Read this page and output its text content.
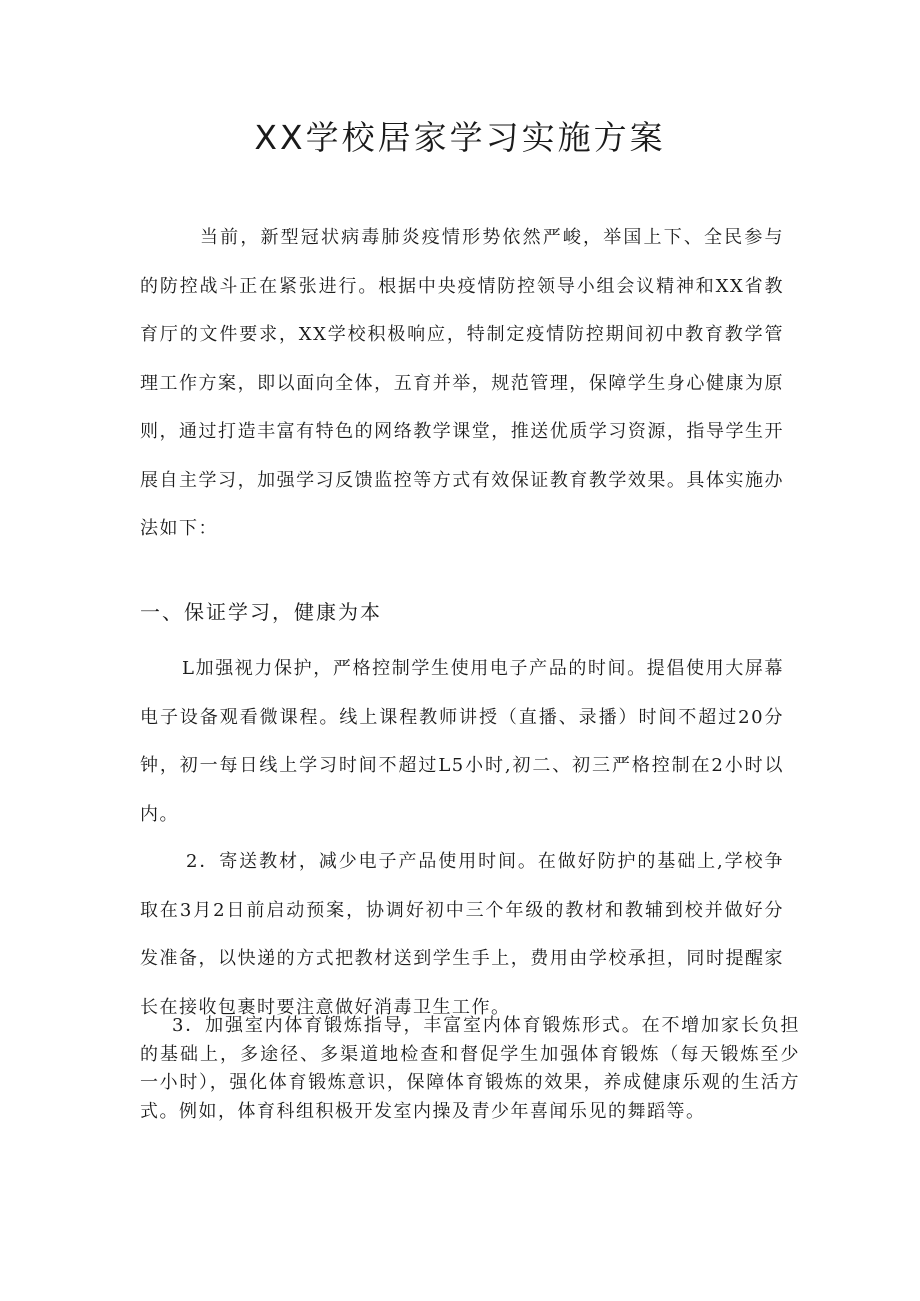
XX学校居家学习实施方案

当前，新型冠状病毒肺炎疫情形势依然严峻，举国上下、全民参与的防控战斗正在紧张进行。根据中央疫情防控领导小组会议精神和XX省教育厅的文件要求，XX学校积极响应，特制定疫情防控期间初中教育教学管理工作方案，即以面向全体，五育并举，规范管理，保障学生身心健康为原则，通过打造丰富有特色的网络教学课堂，推送优质学习资源，指导学生开展自主学习，加强学习反馈监控等方式有效保证教育教学效果。具体实施办法如下：

一、保证学习，健康为本

L加强视力保护，严格控制学生使用电子产品的时间。提倡使用大屏幕电子设备观看微课程。线上课程教师讲授（直播、录播）时间不超过20分钟，初一每日线上学习时间不超过L5小时,初二、初三严格控制在2小时以内。

2．寄送教材，减少电子产品使用时间。在做好防护的基础上,学校争取在3月2日前启动预案，协调好初中三个年级的教材和教辅到校并做好分发准备，以快递的方式把教材送到学生手上，费用由学校承担，同时提醒家长在接收包裹时要注意做好消毒卫生工作。

3．加强室内体育锻炼指导，丰富室内体育锻炼形式。在不增加家长负担的基础上，多途径、多渠道地检查和督促学生加强体育锻炼（每天锻炼至少一小时），强化体育锻炼意识，保障体育锻炼的效果，养成健康乐观的生活方式。例如，体育科组积极开发室内操及青少年喜闻乐见的舞蹈等。
